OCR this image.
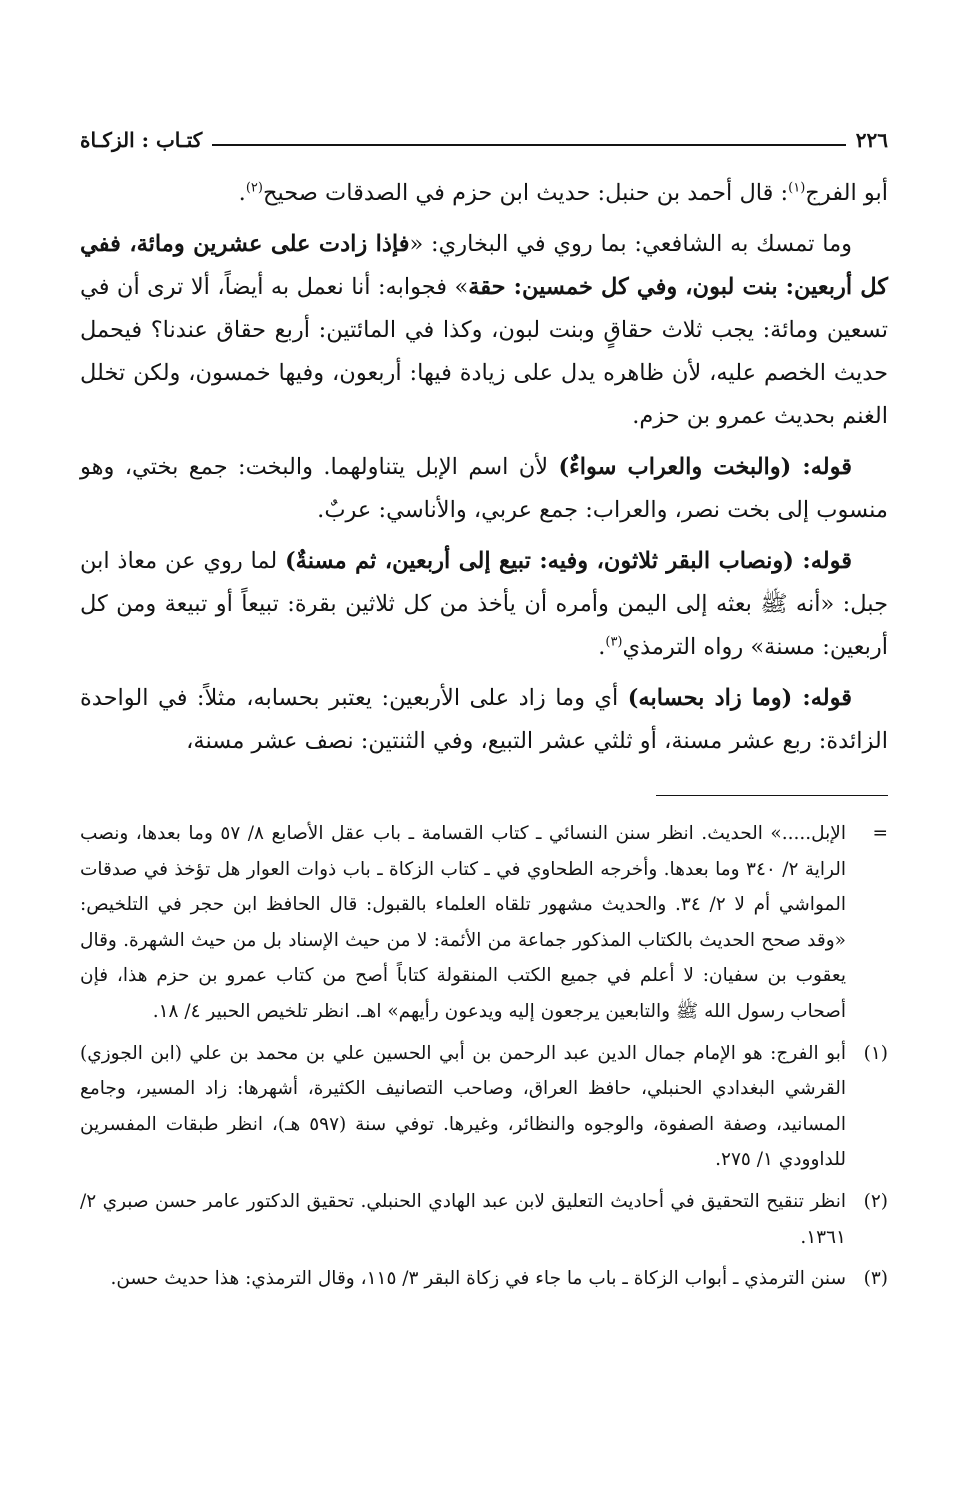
٢٢٦
كتـاب : الزكـاة

أبو الفرج$^{(١)}$: قال أحمد بن حنبل: حديث ابن حزم في الصدقات صحيح$^{(٢)}$.

وما تمسك به الشافعي: بما روي في البخاري: «فإذا زادت على عشرين ومائة، ففي كل أربعين: بنت لبون، وفي كل خمسين: حقة» فجوابه: أنا نعمل به أيضاً، ألا ترى أن في تسعين ومائة: يجب ثلاث حقاقٍ وبنت لبون، وكذا في المائتين: أربع حقاق عندنا؟ فيحمل حديث الخصم عليه، لأن ظاهره يدل على زيادة فيها: أربعون، وفيها خمسون، ولكن تخلل الغنم بحديث عمرو بن حزم.

قوله: (والبخت والعراب سواءٌ) لأن اسم الإبل يتناولهما. والبخت: جمع بختي، وهو منسوب إلى بخت نصر، والعراب: جمع عربي، والأناسي: عربٌ.

قوله: (ونصاب البقر ثلاثون، وفيه: تبيع إلى أربعين، ثم مسنةٌ) لما روي عن معاذ ابن جبل: «أنه ﷺ بعثه إلى اليمن وأمره أن يأخذ من كل ثلاثين بقرة: تبيعاً أو تبيعة ومن كل أربعين: مسنة» رواه الترمذي$^{(٣)}$.

قوله: (وما زاد بحسابه) أي وما زاد على الأربعين: يعتبر بحسابه، مثلاً: في الواحدة الزائدة: ربع عشر مسنة، أو ثلثي عشر التبيع، وفي الثنتين: نصف عشر مسنة،

=
الإبل.....» الحديث. انظر سنن النسائي ـ كتاب القسامة ـ باب عقل الأصابع ٨/ ٥٧ وما بعدها، ونصب الراية ٢/ ٣٤٠ وما بعدها. وأخرجه الطحاوي في ـ كتاب الزكاة ـ باب ذوات العوار هل تؤخذ في صدقات المواشي أم لا ٢/ ٣٤. والحديث مشهور تلقاه العلماء بالقبول: قال الحافظ ابن حجر في التلخيص: «وقد صحح الحديث بالكتاب المذكور جماعة من الأئمة: لا من حيث الإسناد بل من حيث الشهرة. وقال يعقوب بن سفيان: لا أعلم في جميع الكتب المنقولة كتاباً أصح من كتاب عمرو بن حزم هذا، فإن أصحاب رسول الله ﷺ والتابعين يرجعون إليه ويدعون رأيهم» اهـ. انظر تلخيص الحبير ٤/ ١٨.
(١)
أبو الفرج: هو الإمام جمال الدين عبد الرحمن بن أبي الحسين علي بن محمد بن علي (ابن الجوزي) القرشي البغدادي الحنبلي، حافظ العراق، وصاحب التصانيف الكثيرة، أشهرها: زاد المسير، وجامع المسانيد، وصفة الصفوة، والوجوه والنظائر، وغيرها. توفي سنة (٥٩٧ هـ)، انظر طبقات المفسرين للداوودي ١/ ٢٧٥.
(٢)
انظر تنقيح التحقيق في أحاديث التعليق لابن عبد الهادي الحنبلي. تحقيق الدكتور عامر حسن صبري ٢/ ١٣٦١.
(٣)
سنن الترمذي ـ أبواب الزكاة ـ باب ما جاء في زكاة البقر ٣/ ١١٥، وقال الترمذي: هذا حديث حسن.
